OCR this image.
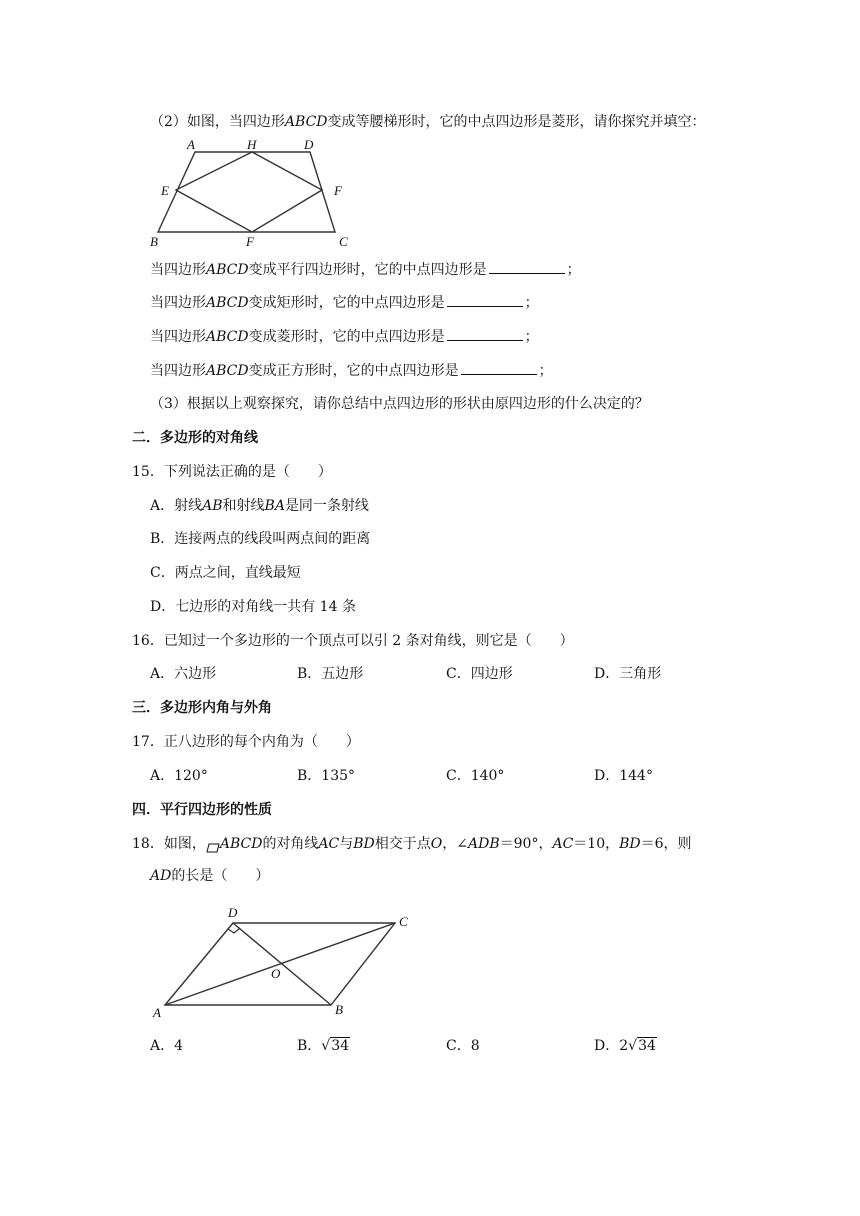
（2）如图，当四边形ABCD变成等腰梯形时，它的中点四边形是菱形，请你探究并填空：
A	H	D
E	F
B	F	C
当四边形ABCD变成平行四边形时，它的中点四边形是	；
当四边形ABCD变成矩形时，它的中点四边形是	；
当四边形ABCD变成菱形时，它的中点四边形是	；
当四边形ABCD变成正方形时，它的中点四边形是	；
（3）根据以上观察探究，请你总结中点四边形的形状由原四边形的什么决定的？
二．多边形的对角线
15．下列说法正确的是（　　）
A．射线AB和射线BA是同一条射线
B．连接两点的线段叫两点间的距离
C．两点之间，直线最短
D．七边形的对角线一共有 14 条
16．已知过一个多边形的一个顶点可以引 2 条对角线，则它是（　　）
A．六边形	B．五边形	C．四边形	D．三角形
三．多边形内角与外角
17．正八边形的每个内角为（　　）
A．120°	B．135°	C．140°	D．144°
四．平行四边形的性质
18．如图， ABCD的对角线AC与BD相交于点O，∠ADB＝90°，AC＝10，BD＝6，则
AD的长是（　　）
D
C
O
A	B
A．4	B．√34	C．8	D．2√34
